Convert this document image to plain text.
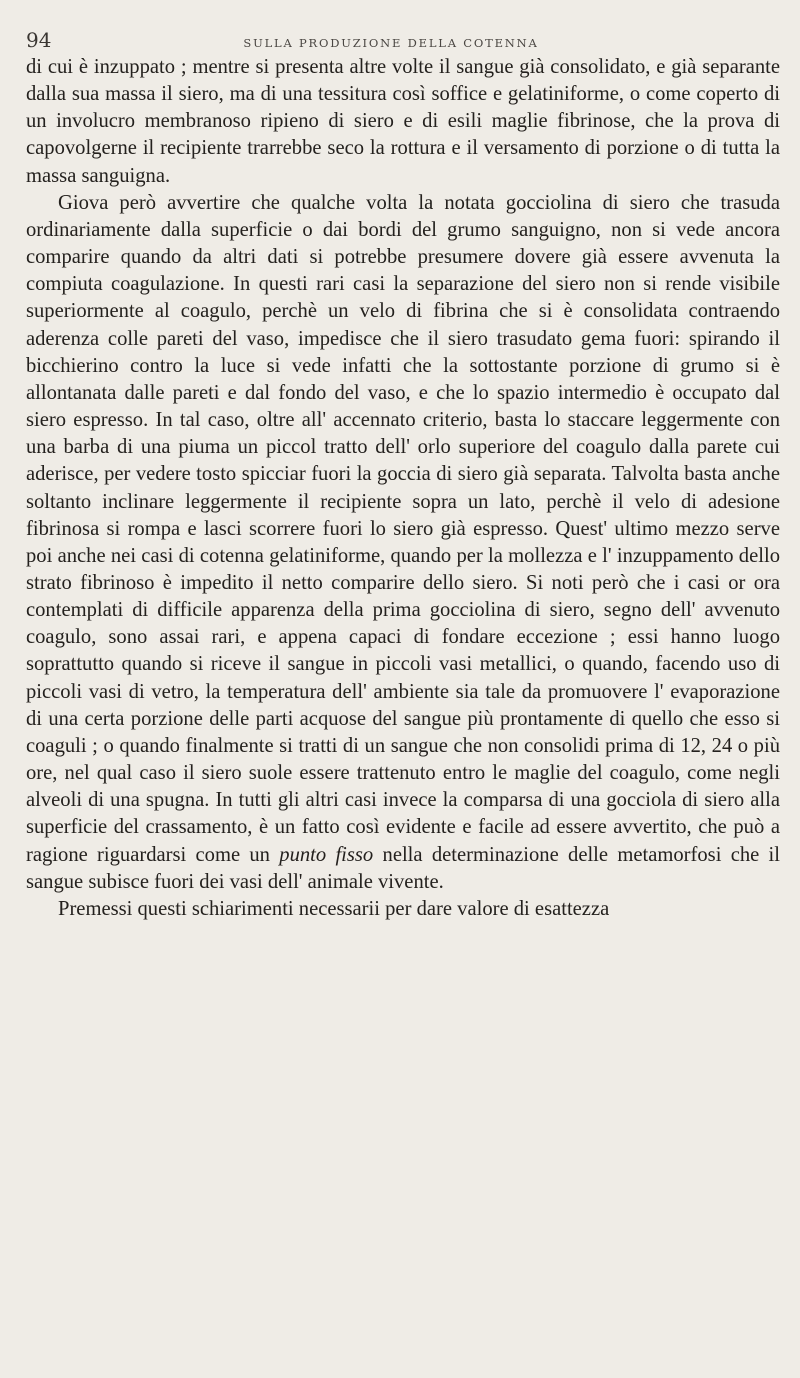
94	SULLA PRODUZIONE DELLA COTENNA

di cui è inzuppato ; mentre si presenta altre volte il sangue già consolidato, e già separante dalla sua massa il siero, ma di una tessitura così soffice e gelatiniforme, o come coperto di un involucro membranoso ripieno di siero e di esili maglie fibrinose, che la prova di capovolgerne il recipiente trarrebbe seco la rottura e il versamento di porzione o di tutta la massa sanguigna.

Giova però avvertire che qualche volta la notata gocciolina di siero che trasuda ordinariamente dalla superficie o dai bordi del grumo sanguigno, non si vede ancora comparire quando da altri dati si potrebbe presumere dovere già essere avvenuta la compiuta coagulazione. In questi rari casi la separazione del siero non si rende visibile superiormente al coagulo, perchè un velo di fibrina che si è consolidata contraendo aderenza colle pareti del vaso, impedisce che il siero trasudato gema fuori: spirando il bicchierino contro la luce si vede infatti che la sottostante porzione di grumo si è allontanata dalle pareti e dal fondo del vaso, e che lo spazio intermedio è occupato dal siero espresso. In tal caso, oltre all' accennato criterio, basta lo staccare leggermente con una barba di una piuma un piccol tratto dell' orlo superiore del coagulo dalla parete cui aderisce, per vedere tosto spicciar fuori la goccia di siero già separata. Talvolta basta anche soltanto inclinare leggermente il recipiente sopra un lato, perchè il velo di adesione fibrinosa si rompa e lasci scorrere fuori lo siero già espresso. Quest' ultimo mezzo serve poi anche nei casi di cotenna gelatiniforme, quando per la mollezza e l' inzuppamento dello strato fibrinoso è impedito il netto comparire dello siero. Si noti però che i casi or ora contemplati di difficile apparenza della prima gocciolina di siero, segno dell' avvenuto coagulo, sono assai rari, e appena capaci di fondare eccezione ; essi hanno luogo soprattutto quando si riceve il sangue in piccoli vasi metallici, o quando, facendo uso di piccoli vasi di vetro, la temperatura dell' ambiente sia tale da promuovere l' evaporazione di una certa porzione delle parti acquose del sangue più prontamente di quello che esso si coaguli ; o quando finalmente si tratti di un sangue che non consolidi prima di 12, 24 o più ore, nel qual caso il siero suole essere trattenuto entro le maglie del coagulo, come negli alveoli di una spugna. In tutti gli altri casi invece la comparsa di una gocciola di siero alla superficie del crassamento, è un fatto così evidente e facile ad essere avvertito, che può a ragione riguardarsi come un punto fisso nella determinazione delle metamorfosi che il sangue subisce fuori dei vasi dell' animale vivente.

Premessi questi schiarimenti necessarii per dare valore di esattezza
